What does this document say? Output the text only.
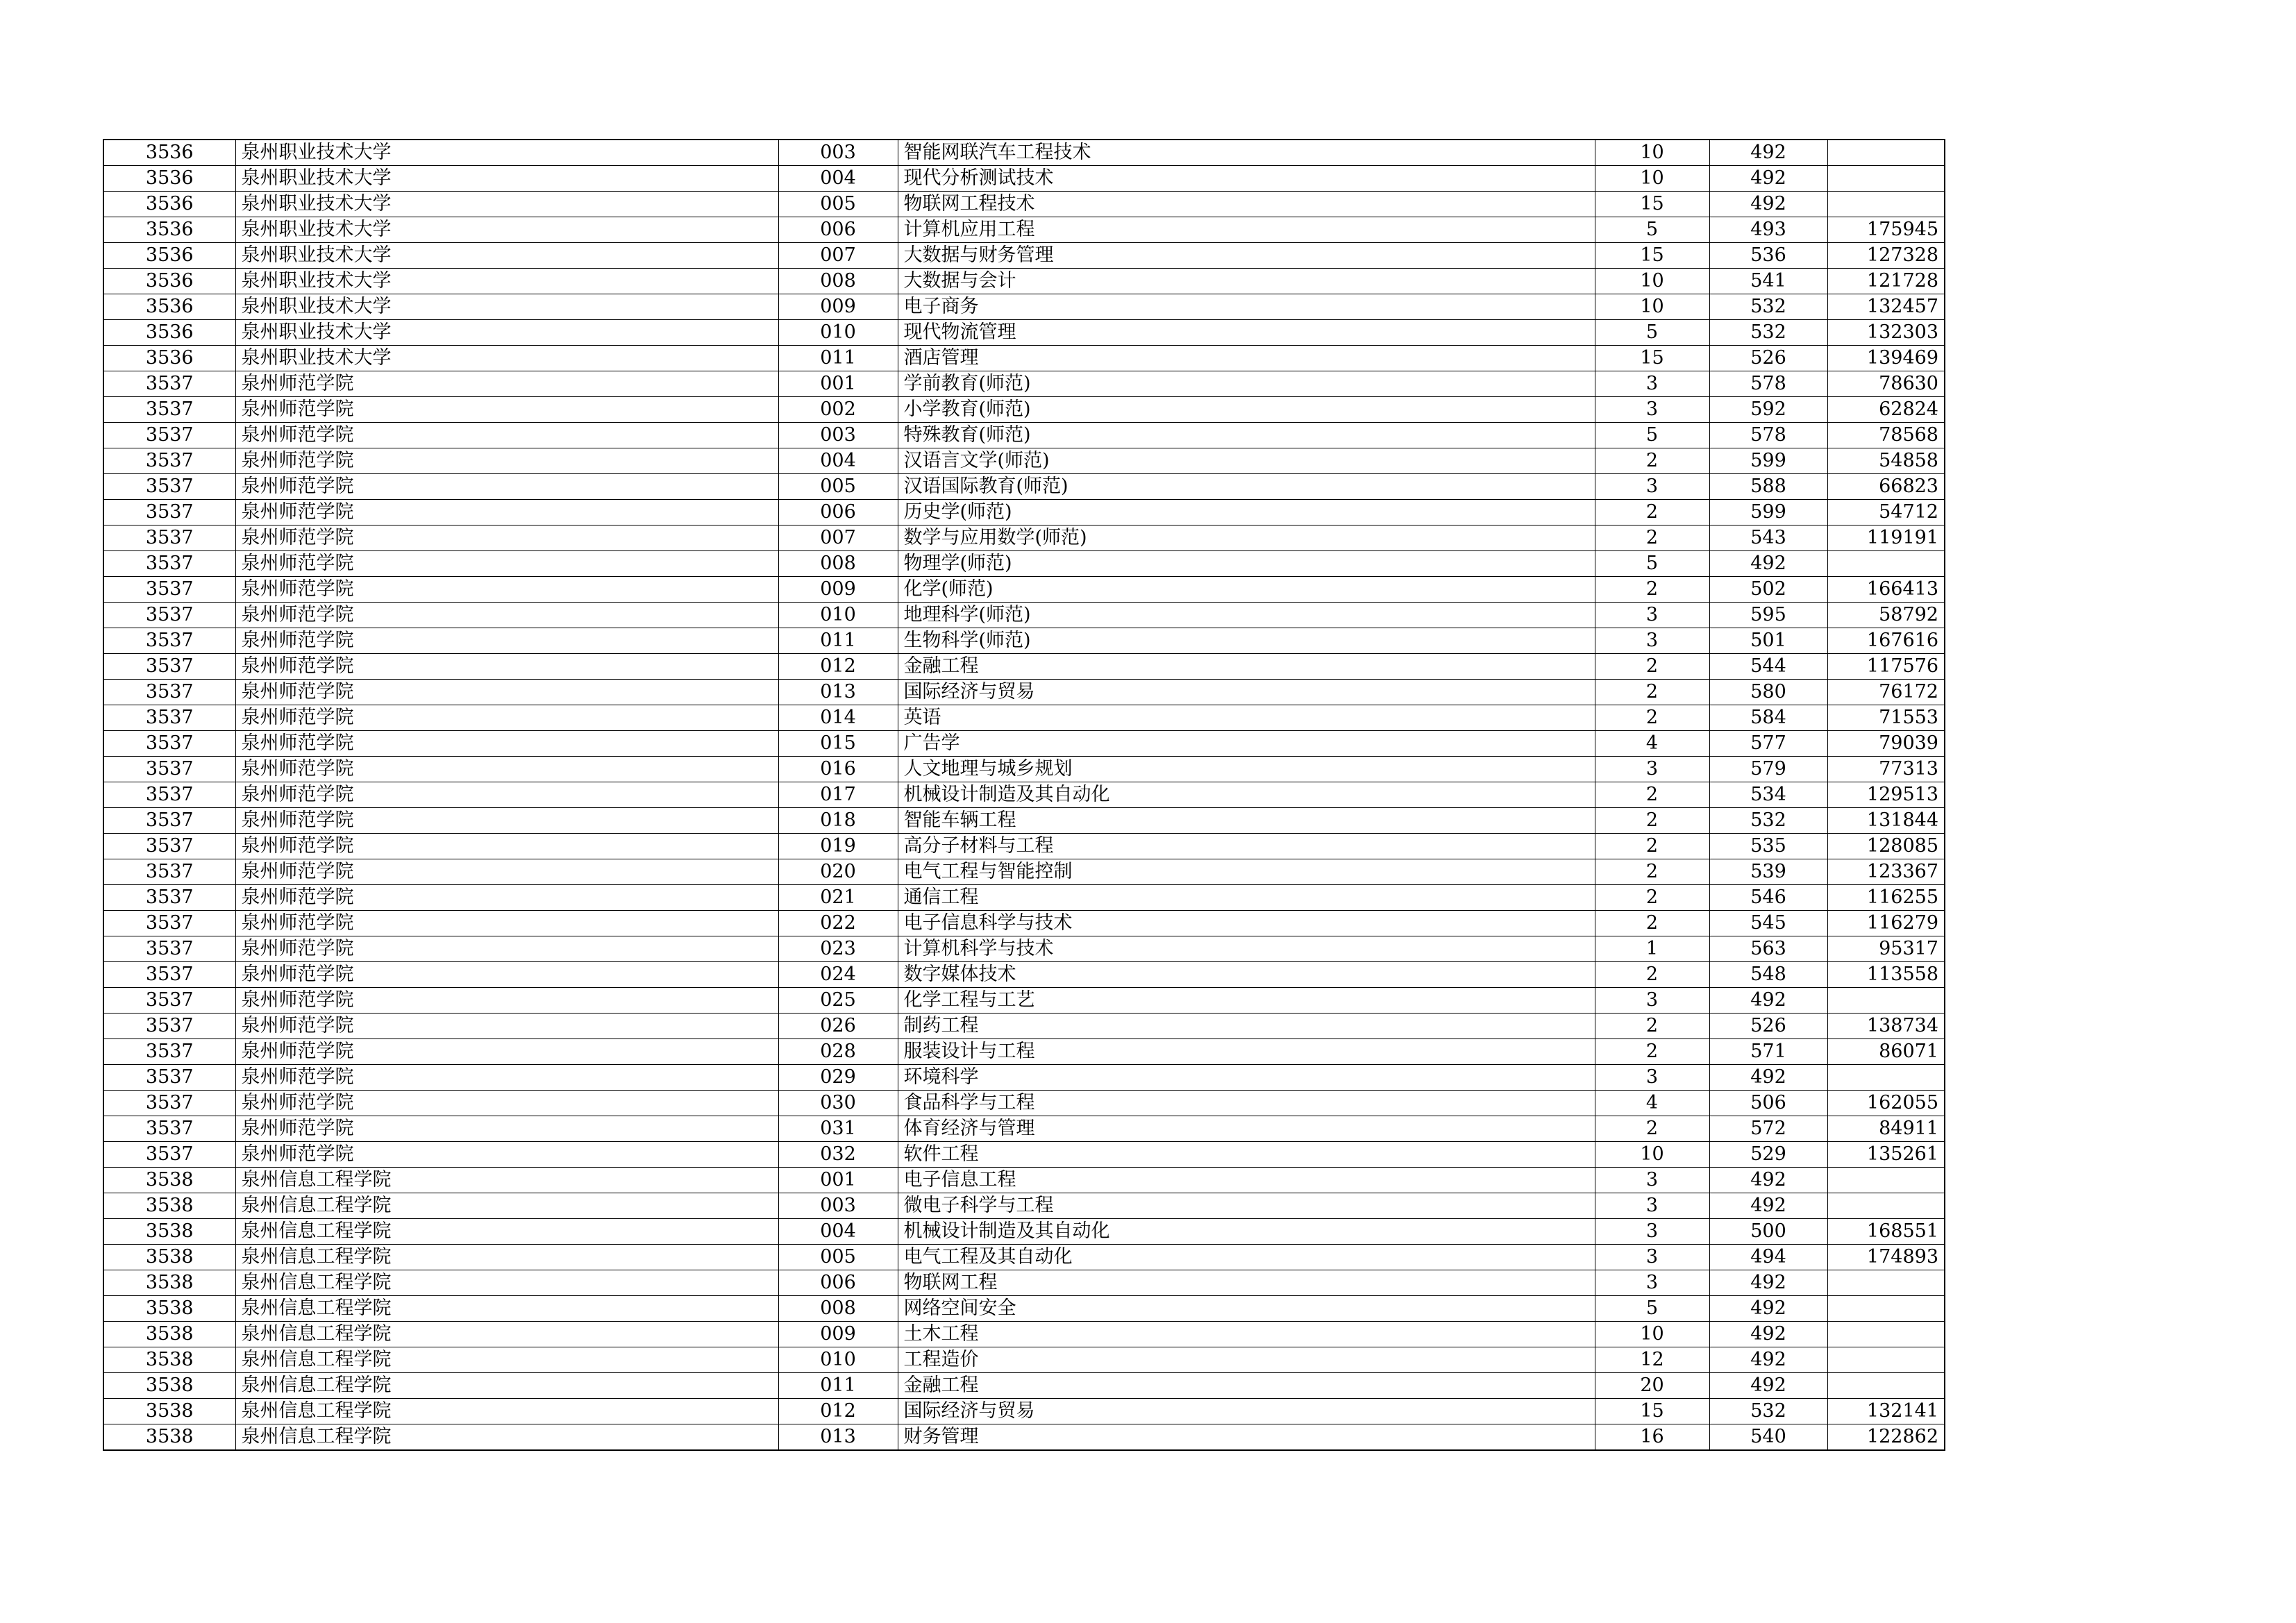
3536	泉州职业技术大学	003	智能网联汽车工程技术	10	492	
3536	泉州职业技术大学	004	现代分析测试技术	10	492	
3536	泉州职业技术大学	005	物联网工程技术	15	492	
3536	泉州职业技术大学	006	计算机应用工程	5	493	175945
3536	泉州职业技术大学	007	大数据与财务管理	15	536	127328
3536	泉州职业技术大学	008	大数据与会计	10	541	121728
3536	泉州职业技术大学	009	电子商务	10	532	132457
3536	泉州职业技术大学	010	现代物流管理	5	532	132303
3536	泉州职业技术大学	011	酒店管理	15	526	139469
3537	泉州师范学院	001	学前教育(师范)	3	578	78630
3537	泉州师范学院	002	小学教育(师范)	3	592	62824
3537	泉州师范学院	003	特殊教育(师范)	5	578	78568
3537	泉州师范学院	004	汉语言文学(师范)	2	599	54858
3537	泉州师范学院	005	汉语国际教育(师范)	3	588	66823
3537	泉州师范学院	006	历史学(师范)	2	599	54712
3537	泉州师范学院	007	数学与应用数学(师范)	2	543	119191
3537	泉州师范学院	008	物理学(师范)	5	492	
3537	泉州师范学院	009	化学(师范)	2	502	166413
3537	泉州师范学院	010	地理科学(师范)	3	595	58792
3537	泉州师范学院	011	生物科学(师范)	3	501	167616
3537	泉州师范学院	012	金融工程	2	544	117576
3537	泉州师范学院	013	国际经济与贸易	2	580	76172
3537	泉州师范学院	014	英语	2	584	71553
3537	泉州师范学院	015	广告学	4	577	79039
3537	泉州师范学院	016	人文地理与城乡规划	3	579	77313
3537	泉州师范学院	017	机械设计制造及其自动化	2	534	129513
3537	泉州师范学院	018	智能车辆工程	2	532	131844
3537	泉州师范学院	019	高分子材料与工程	2	535	128085
3537	泉州师范学院	020	电气工程与智能控制	2	539	123367
3537	泉州师范学院	021	通信工程	2	546	116255
3537	泉州师范学院	022	电子信息科学与技术	2	545	116279
3537	泉州师范学院	023	计算机科学与技术	1	563	95317
3537	泉州师范学院	024	数字媒体技术	2	548	113558
3537	泉州师范学院	025	化学工程与工艺	3	492	
3537	泉州师范学院	026	制药工程	2	526	138734
3537	泉州师范学院	028	服装设计与工程	2	571	86071
3537	泉州师范学院	029	环境科学	3	492	
3537	泉州师范学院	030	食品科学与工程	4	506	162055
3537	泉州师范学院	031	体育经济与管理	2	572	84911
3537	泉州师范学院	032	软件工程	10	529	135261
3538	泉州信息工程学院	001	电子信息工程	3	492	
3538	泉州信息工程学院	003	微电子科学与工程	3	492	
3538	泉州信息工程学院	004	机械设计制造及其自动化	3	500	168551
3538	泉州信息工程学院	005	电气工程及其自动化	3	494	174893
3538	泉州信息工程学院	006	物联网工程	3	492	
3538	泉州信息工程学院	008	网络空间安全	5	492	
3538	泉州信息工程学院	009	土木工程	10	492	
3538	泉州信息工程学院	010	工程造价	12	492	
3538	泉州信息工程学院	011	金融工程	20	492	
3538	泉州信息工程学院	012	国际经济与贸易	15	532	132141
3538	泉州信息工程学院	013	财务管理	16	540	122862
